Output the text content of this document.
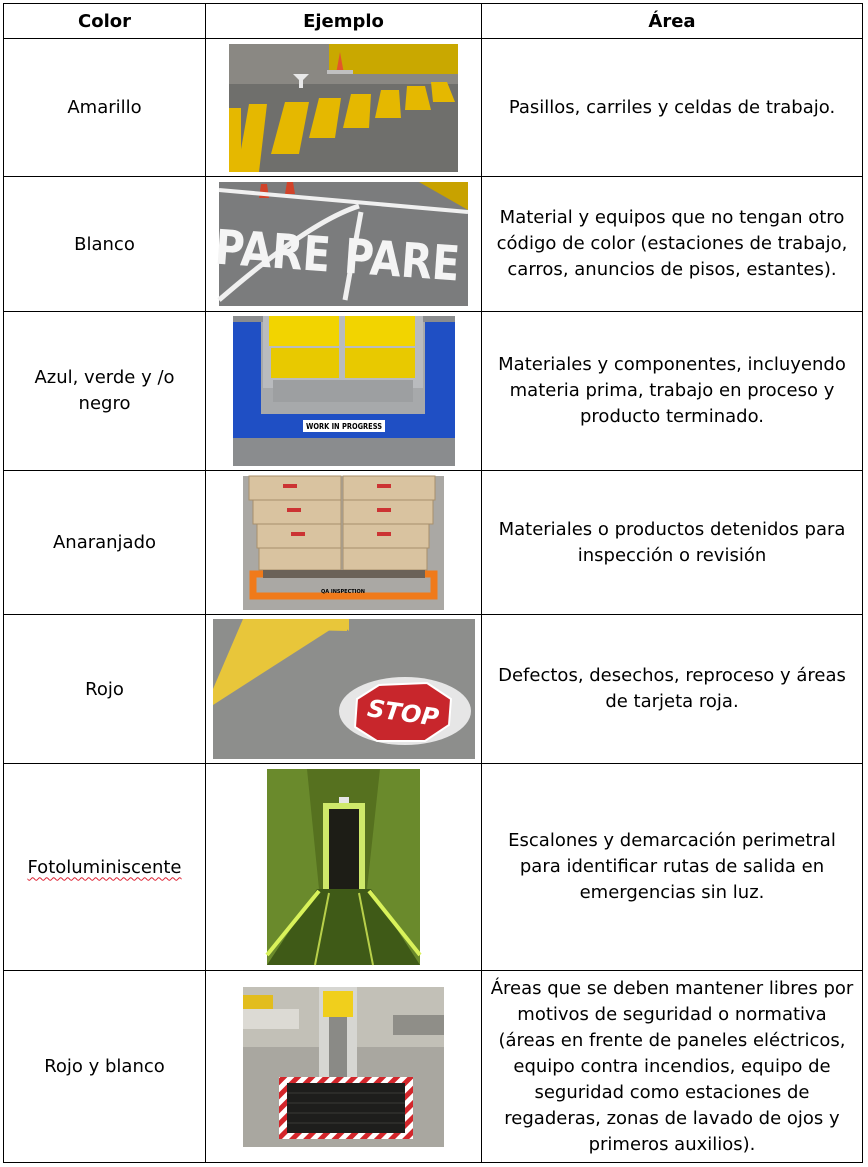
Color	Ejemplo	Área
Amarillo		Pasillos, carriles y celdas de trabajo.
Blanco	PARE PARE	Material y equipos que no tengan otro código de color (estaciones de trabajo, carros, anuncios de pisos, estantes).
Azul, verde y /o negro	WORK IN PROGRESS	Materiales y componentes, incluyendo materia prima, trabajo en proceso y producto terminado.
Anaranjado	QA INSPECTION	Materiales o productos detenidos para inspección o revisión
Rojo	STOP	Defectos, desechos, reproceso y áreas de tarjeta roja.
Fotoluminiscente		Escalones y demarcación perimetral para identificar rutas de salida en emergencias sin luz.
Rojo y blanco		Áreas que se deben mantener libres por motivos de seguridad o normativa (áreas en frente de paneles eléctricos, equipo contra incendios, equipo de seguridad como estaciones de regaderas, zonas de lavado de ojos y primeros auxilios).
